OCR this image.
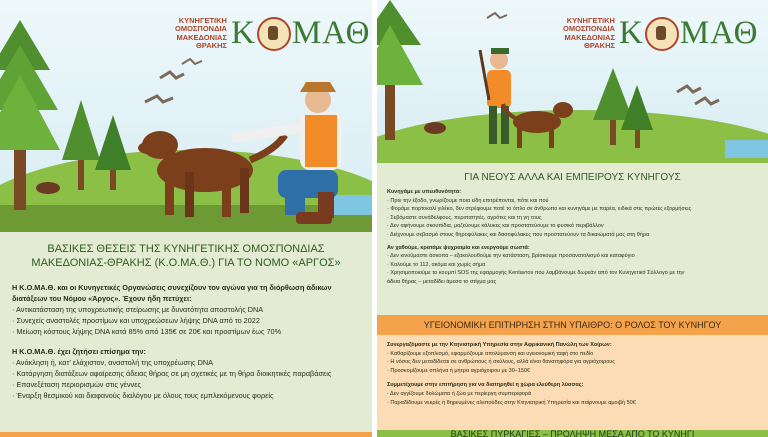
ΚΥΝΗΓΕΤΙΚΗ
ΟΜΟΣΠΟΝΔΙΑ
ΜΑΚΕΔΟΝΙΑΣ
ΘΡΑΚΗΣ Κ ΜΑΘ
ΒΑΣΙΚΕΣ ΘΕΣΕΙΣ ΤΗΣ ΚΥΝΗΓΕΤΙΚΗΣ ΟΜΟΣΠΟΝΔΙΑΣ
ΜΑΚΕΔΟΝΙΑΣ-ΘΡΑΚΗΣ (Κ.Ο.ΜΑ.Θ.) ΓΙΑ ΤΟ ΝΟΜΟ «ΑΡΓΟΣ»
Η Κ.Ο.ΜΑ.Θ. και οι Κυνηγετικές Οργανώσεις συνεχίζουν τον αγώνα για τη διόρθωση άδικων
διατάξεων του Νόμου «Άργος». Έχουν ήδη πετύχει:
· Αντικατάσταση της υποχρεωτικής στείρωσης με δυνατότητα αποστολής DNA
· Συνεχείς αναστολές προστίμων και υποχρεώσεων λήψης DNA από το 2022
· Μείωση κόστους λήψης DNA κατά 85% από 135€ σε 20€ και προστίμων έως 70%
Η Κ.Ο.ΜΑ.Θ. έχει ζητήσει επίσημα την:
· Ανάκληση ή, κατ’ ελάχιστον, αναστολή της υποχρέωσης DNA
· Κατάργηση διατάξεων αφαίρεσης άδειας θήρας σε μη σχετικές με τη θήρα διοικητικές παραβάσεις
· Επανεξέταση περιορισμών στις γέννες
· Έναρξη θεσμικού και διαφανούς διαλόγου με όλους τους εμπλεκόμενους φορείς
ΚΥΝΗΓΕΤΙΚΗ
ΟΜΟΣΠΟΝΔΙΑ
ΜΑΚΕΔΟΝΙΑΣ
ΘΡΑΚΗΣ Κ ΜΑΘ
ΓΙΑ ΝΕΟΥΣ ΑΛΛΑ ΚΑΙ ΕΜΠΕΙΡΟΥΣ ΚΥΝΗΓΟΥΣ
Κυνηγάμε με υπευθυνότητα:
· Πριν την έξοδο, γνωρίζουμε ποια είδη επιτρέπονται, πότε και πού
· Φοράμε πορτοκαλί γιλέκο, δεν στρέφουμε ποτέ το όπλο σε άνθρωπο και κυνηγάμε με παρέα, ειδικά στις πρώτες εξορμήσεις
· Σεβόμαστε συνάδελφους, περιπατητές, αγρότες και τη γη τους
· Δεν αφήνουμε σκουπίδια, μαζεύουμε κάλυκες και προστατεύουμε το φυσικό περιβάλλον
· Δείχνουμε σεβασμό στους θηροφύλακες και δασοφύλακες που προστατεύουν τα δικαιώματά μας στη θήρα
Αν χαθούμε, κρατάμε ψυχραιμία και ενεργούμε σωστά:
· Δεν κινούμαστε άσκοπα – εξακολουθούμε την κατάσταση, βρίσκουμε προσανατολισμό και καταφύγιο
· Καλούμε το 112, ακόμα και χωρίς σήμα
· Χρησιμοποιούμε το κουμπί SOS της εφαρμογής Kentavros που λαμβάνουμε δωρεάν από τον Κυνηγετικό Σύλλογο με την
άδεια θήρας – μεταδίδει άμεσα το στίγμα μας
ΥΓΕΙΟΝΟΜΙΚΗ ΕΠΙΤΗΡΗΣΗ ΣΤΗΝ ΥΠΑΙΘΡΟ: Ο ΡΟΛΟΣ ΤΟΥ ΚΥΝΗΓΟΥ
Συνεργαζόμαστε με την Κτηνιατρική Υπηρεσία στην Αφρικανική Πανώλη των Χοίρων:
· Καθαρίζουμε εξοπλισμό, εφαρμόζουμε απολύμανση και υγειονομική ταφή στο πεδίο
· Η νόσος δεν μεταδίδεται σε ανθρώπους ή σκύλους, αλλά είναι θανατηφόρα για αγριόχοιρους
· Προσκομίζουμε σπλήνα ή μήτρα αγριόχοιρου με 30–150€
Συμμετέχουμε στην επιτήρηση για να διατηρηθεί η χώρα ελεύθερη λύσσας:
· Δεν αγγίζουμε δολώματα ή ζώα με περίεργη συμπεριφορά
· Παραδίδουμε νεκρές ή θηρευμένες αλεπούδες στην Κτηνιατρική Υπηρεσία και παίρνουμε αμοιβή 50€
ΒΑΣΙΚΕΣ ΠΥΡΚΑΓΙΕΣ – ΠΡΟΛΗΨΗ ΜΕΣΑ ΑΠΟ ΤΟ ΚΥΝΗΓΙ
